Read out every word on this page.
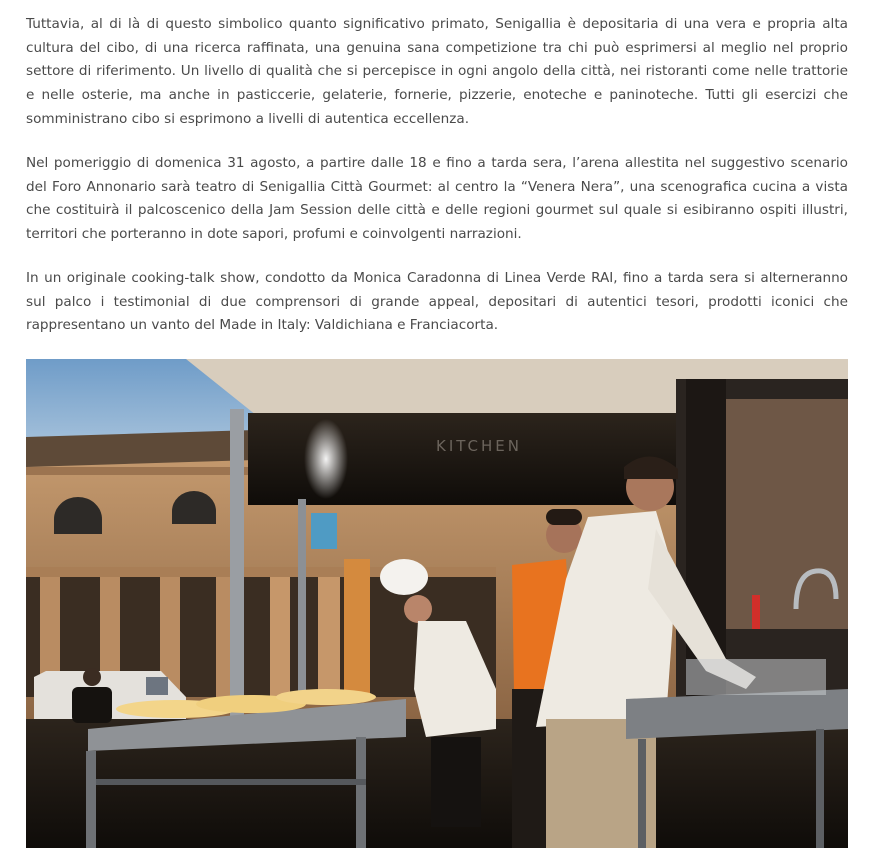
Tuttavia, al di là di questo simbolico quanto significativo primato, Senigallia è depositaria di una vera e propria alta cultura del cibo, di una ricerca raffinata, una genuina sana competizione tra chi può esprimersi al meglio nel proprio settore di riferimento. Un livello di qualità che si percepisce in ogni angolo della città, nei ristoranti come nelle trattorie e nelle osterie, ma anche in pasticcerie, gelaterie, fornerie, pizzerie, enoteche e paninoteche. Tutti gli esercizi che somministrano cibo si esprimono a livelli di autentica eccellenza.

Nel pomeriggio di domenica 31 agosto, a partire dalle 18 e fino a tarda sera, l’arena allestita nel suggestivo scenario del Foro Annonario sarà teatro di Senigallia Città Gourmet: al centro la “Venera Nera”, una scenografica cucina a vista che costituirà il palcoscenico della Jam Session delle città e delle regioni gourmet sul quale si esibiranno ospiti illustri, territori che porteranno in dote sapori, profumi e coinvolgenti narrazioni.

In un originale cooking-talk show, condotto da Monica Caradonna di Linea Verde RAI, fino a tarda sera si alterneranno sul palco i testimonial di due comprensori di grande appeal, depositari di autentici tesori, prodotti iconici che rappresentano un vanto del Made in Italy: Valdichiana e Franciacorta.

KITCHEN
